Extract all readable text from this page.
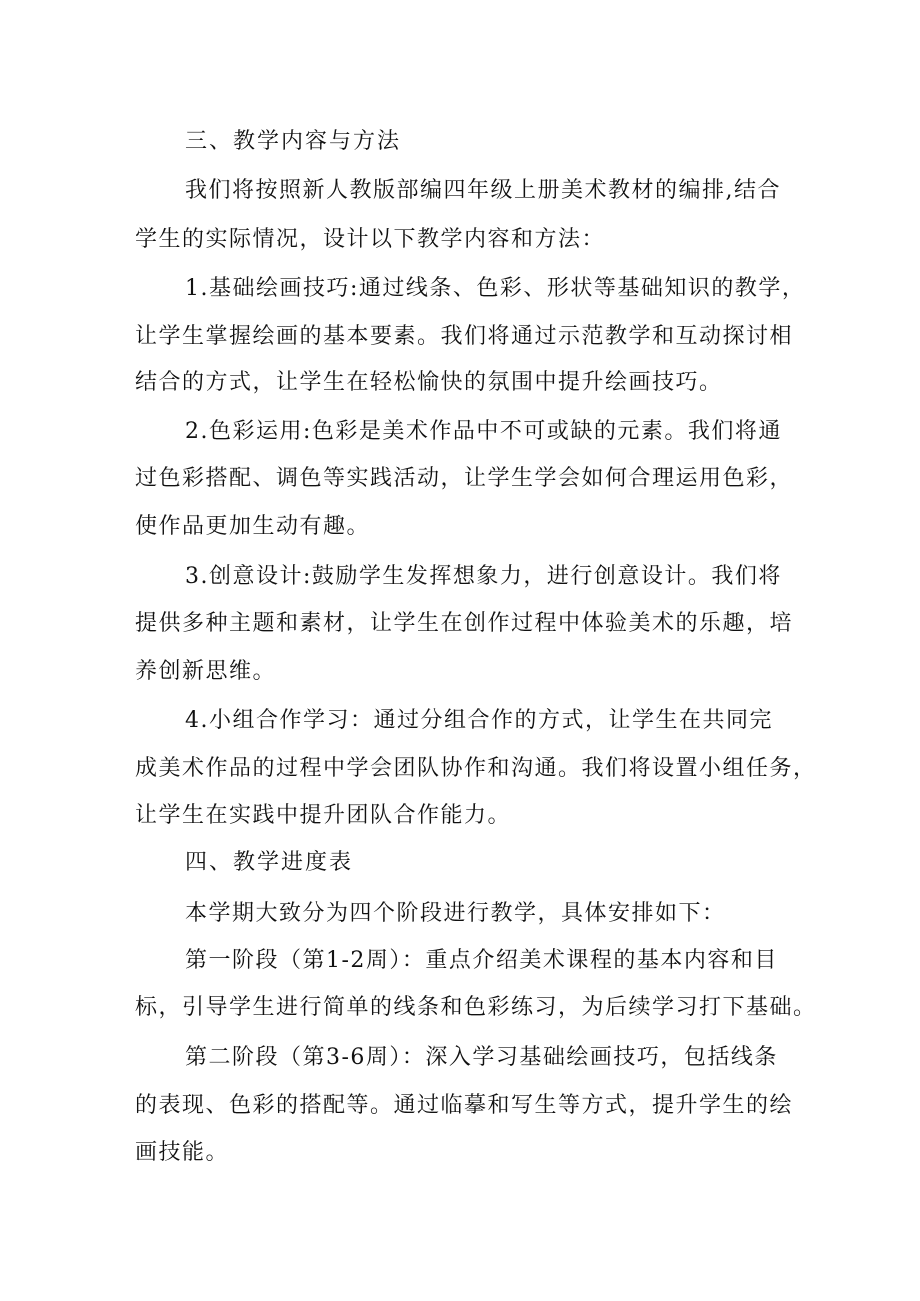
三、教学内容与方法
我们将按照新人教版部编四年级上册美术教材的编排,结合
学生的实际情况，设计以下教学内容和方法：
1.基础绘画技巧:通过线条、色彩、形状等基础知识的教学，
让学生掌握绘画的基本要素。我们将通过示范教学和互动探讨相
结合的方式，让学生在轻松愉快的氛围中提升绘画技巧。
2.色彩运用:色彩是美术作品中不可或缺的元素。我们将通
过色彩搭配、调色等实践活动，让学生学会如何合理运用色彩，
使作品更加生动有趣。
3.创意设计:鼓励学生发挥想象力，进行创意设计。我们将
提供多种主题和素材，让学生在创作过程中体验美术的乐趣，培
养创新思维。
4.小组合作学习：通过分组合作的方式，让学生在共同完
成美术作品的过程中学会团队协作和沟通。我们将设置小组任务，
让学生在实践中提升团队合作能力。
四、教学进度表
本学期大致分为四个阶段进行教学，具体安排如下：
第一阶段（第1-2周）：重点介绍美术课程的基本内容和目
标，引导学生进行简单的线条和色彩练习，为后续学习打下基础。
第二阶段（第3-6周）：深入学习基础绘画技巧，包括线条
的表现、色彩的搭配等。通过临摹和写生等方式，提升学生的绘
画技能。
